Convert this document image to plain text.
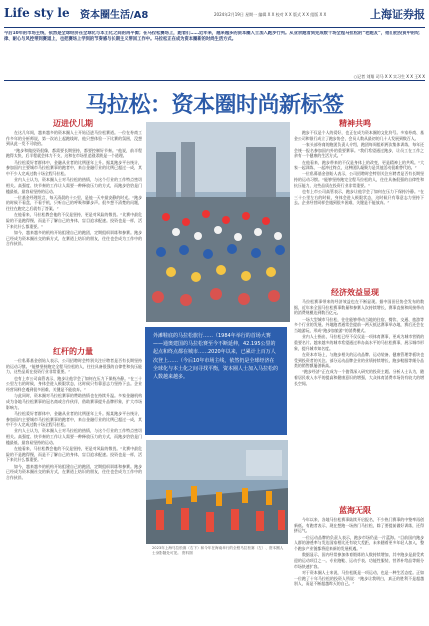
Life sty le 资本圈生活/A8	2024年2月19日 星期一 编辑 X X 校对 X X 版式 X X 组版 X X	上海证券报
今后10年的市场主线，依然是全球经济在全球化与本土化之间的再平衡；在马拉松赛场上，跑者们……近年来，越来越多的资本圈人士加入跑步行列。从业余跑者到完成数十场全程马拉松的“老跑友”，他们把投资中的纪律、耐心与风控带到赛道上，也把赛场上学到的节奏感与长期主义带回工作中。马拉松正在成为资本圈新的时尚生活方式。
○记者 刘翔 司马 X X 实习生 X X 王X X
马拉松：资本圈时尚新标签
迈进伏儿期	精神共鸣
红杆的力量
经济效益显现
蓝海无限

在这几年间，越来越多的资本圈人士开始迈进马拉松赛道。一位在券商工作多年的分析师说，第一次站上起跑线时，他只想体验一下比赛的氛围，没想到从此一发不可收拾。

“跑步和做投资很像，都需要长期坚持，都要控制好节奏。”他说，前半程跑得太快，后半程就会体力不支，这和在市场里追涨杀跌是一个道理。

马拉松爱好者群体中，金融从业者的比例逐年上升。据某跑步平台统计，参加国内主要城市马拉松赛事的跑者中，来自金融行业的比例已超过一成，其中不少人完成过数十场全程马拉松。

业内人士认为，资本圈人士对马拉松的热情，与这个行业的工作特点密切相关。高强度、快节奏的工作让人需要一种释放压力的方式，而跑步恰恰是门槛最低、最容易坚持的运动。

一位基金经理坦言，每天清晨的十公里，是他一天中最安静的时光。“跑步的时候不看盘，不看手机，只听自己的呼吸和脚步声。很多想不清楚的问题，往往在跑完之后就有了答案。”

在他看来，马拉松教会他的不仅是坚持，更是对风险的敬畏。“比赛中最危险的不是跑得慢，而是不了解自己的身体，盲目追求配速。投资也是一样，活下来比什么都重要。”

如今，越来越多的机构开始组建自己的跑团，定期组织训练和参赛。跑步已经成为资本圈社交的新方式，在赛道上结识的朋友，往往也会成为工作中的合作伙伴。

一位私募基金创始人表示，公司招聘时会特别关注应聘者是否有长期坚持的运动习惯。“能够坚持跑完全程马拉松的人，往往具备很强的自律性和抗压能力，这些品质在投资行业非常重要。”

也有上市公司高管表示，跑步让他学会了如何在压力下保持冷静。“在三十公里左右的时候，身体会进入极限状态，这时候只有靠意志力坚持下去。企业经营同样会遇到很多困难，关键是不能放弃。”

与此同时，资本圈对马拉松赛事的赞助热情也在持续升温。多家金融机构成为各地马拉松赛事的冠名商或合作伙伴，借助赛事提升品牌形象，扩大市场影响力。

马拉松爱好者群体中，金融从业者的比例逐年上升。据某跑步平台统计，参加国内主要城市马拉松赛事的跑者中，来自金融行业的比例已超过一成，其中不少人完成过数十场全程马拉松。

业内人士认为，资本圈人士对马拉松的热情，与这个行业的工作特点密切相关。高强度、快节奏的工作让人需要一种释放压力的方式，而跑步恰恰是门槛最低、最容易坚持的运动。

在他看来，马拉松教会他的不仅是坚持，更是对风险的敬畏。“比赛中最危险的不是跑得慢，而是不了解自己的身体，盲目追求配速。投资也是一样，活下来比什么都重要。”

如今，越来越多的机构开始组建自己的跑团，定期组织训练和参赛。跑步已经成为资本圈社交的新方式，在赛道上结识的朋友，往往也会成为工作中的合作伙伴。

外滩鞋底的马拉松旅行……（1984年举行的首场大赛——通奥建国的马拉松赛至今不断延伸，42.195公里的起点和终点都在城市……2020年以来，已累计上百万人次登上……（今后10年市场主线，依然仍是全球经济在全球化与本土化之间寻找平衡，资本圈人士加入马拉松的人数越来越多。
2023年上海马拉松赛（右下）和今年在海南举行的全程马拉松赛（左）、资本圈人士身影随处可见。 资料图

跑步不仅是个人的爱好，也正在成为资本圈的文化符号。多家券商、基金公司和银行成立了跑步协会，会员人数从最初的几十人发展到数百人。

一家头部券商的跑团负责人介绍，跑团每周组织两次集体训练，每年还会统一报名参加国内外的重要赛事。“我们希望通过跑步，让员工在工作之余有一个健康的生活方式。”

在他看来，跑步带来的不仅是身体上的改变，更是精神上的共鸣。“大家一起训练、一起冲过终点，这种团队凝聚力是其他活动很难替代的。”

一位私募基金创始人表示，公司招聘时会特别关注应聘者是否有长期坚持的运动习惯。“能够坚持跑完全程马拉松的人，往往具备很强的自律性和抗压能力，这些品质在投资行业非常重要。”

也有上市公司高管表示，跑步让他学会了如何在压力下保持冷静。“在三十公里左右的时候，身体会进入极限状态，这时候只有靠意志力坚持下去。企业经营同样会遇到很多困难，关键是不能放弃。”

马拉松赛事带来的经济效益也在不断显现。据中国田径协会发布的数据，近年来全国马拉松赛事数量和参赛人次持续增长，赛事直接和间接带动的消费规模达到数百亿元。

一场大型城市马拉松，往往能够带动当地的住宿、餐饮、交通、旅游等多个行业的发展。外地跑者通常会提前一两天抵达赛事举办地，赛后还会在当地游玩，形成“跑步加旅游”的消费模式。

业内人士指出，马拉松已经不仅仅是一项体育赛事，更成为城市营销的重要名片。越来越多的城市希望通过举办高水平的马拉松赛事，展示城市形象，提升城市知名度。

在资本市场上，与跑步相关的运动品牌、运动装备、健康管理等板块也受到投资者的关注。部分运动品牌企业的业绩持续增长，跑步鞋服等细分品类的销售额屡创新高。

“跑步经济”正在成为一个值得深入研究的投资主题。分析人士认为，随着居民收入水平的提高和健康意识的增强，大众体育消费市场仍有较大的增长空间。

今年以来，各地马拉松赛事陆续开启报名，不少热门赛事的中签率再创新低。有跑者表示，现在想跑一场热门马拉松，除了要提前做好训练，还得拼运气。

一位运动品牌的负责人表示，跑步市场仍是一片蓝海。“目前国内跑步人群的渗透率与发达国家相比还有较大差距，未来随着更多年轻人加入，整个跑步产业链都将迎来新的发展机遇。”

数据显示，国内经常参加体育锻炼的人数持续增加，其中跑步是最受欢迎的运动项目之一。专业跑鞋、运动手表、功能性服装、营养补给品等细分市场快速扩容。

对于资本圈人士来说，马拉松既是一项运动，也是一种生活态度。正如一位跑了十年马拉松的投资人所说：“跑步让我明白，真正的胜利不是超越别人，而是不断超越昨天的自己。”
